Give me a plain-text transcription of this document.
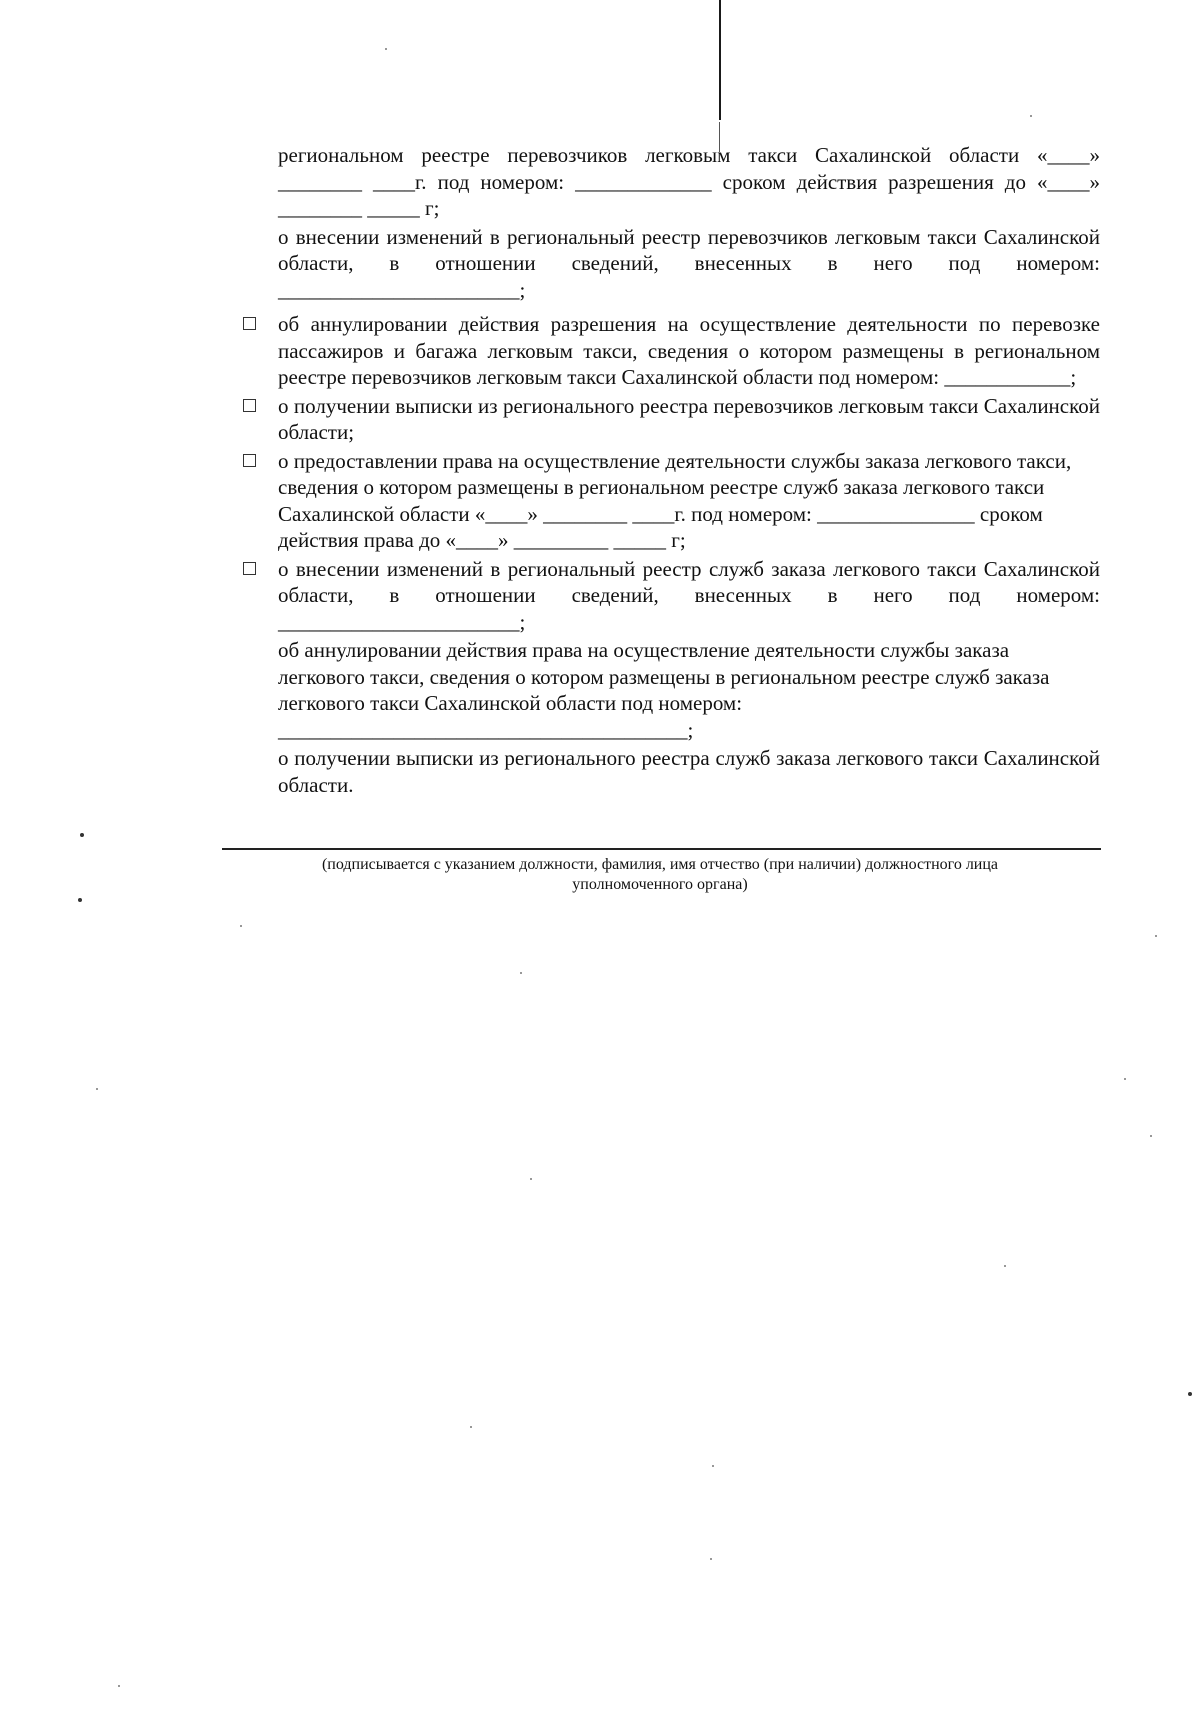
региональном реестре перевозчиков легковым такси Сахалинской области «____» ________ ____г. под номером: _____________ сроком действия разрешения до «____» ________ _____ г;

о внесении изменений в региональный реестр перевозчиков легковым такси Сахалинской области, в отношении сведений, внесенных в него под номером: _______________________;

об аннулировании действия разрешения на осуществление деятельности по перевозке пассажиров и багажа легковым такси, сведения о котором размещены в региональном реестре перевозчиков легковым такси Сахалинской области под номером: ____________;

о получении выписки из регионального реестра перевозчиков легковым такси Сахалинской области;

о предоставлении права на осуществление деятельности службы заказа легкового такси, сведения о котором размещены в региональном реестре служб заказа легкового такси Сахалинской области «____» ________ ____г. под номером: _______________ сроком действия права до «____» _________ _____ г;

о внесении изменений в региональный реестр служб заказа легкового такси Сахалинской области, в отношении сведений, внесенных в него под номером: _______________________;

об аннулировании действия права на осуществление деятельности службы заказа легкового такси, сведения о котором размещены в региональном реестре служб заказа легкового такси Сахалинской области под номером: _______________________________________;

о получении выписки из регионального реестра служб заказа легкового такси Сахалинской области.

(подписывается с указанием должности, фамилия, имя отчество (при наличии) должностного лица
уполномоченного органа)
